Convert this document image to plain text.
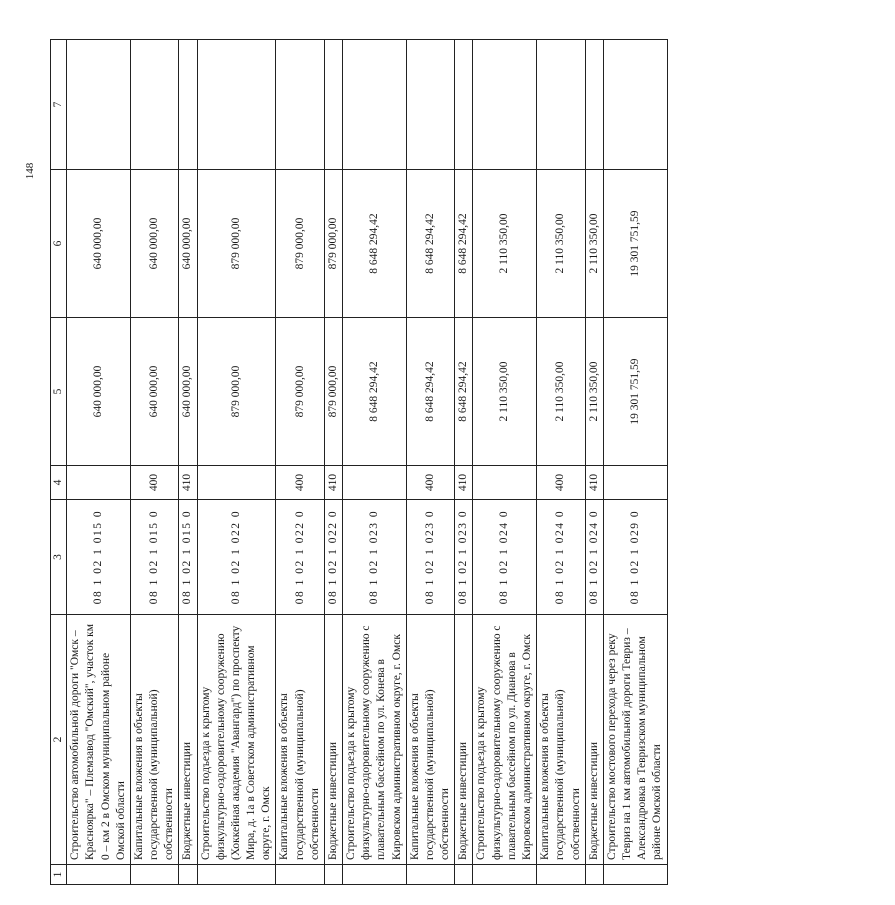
148
1	2	3	4	5	6	7
	Строительство автомобильной дороги "Омск – Красноярка" – Племзавод "Омский", участок км 0 – км 2 в Омском муниципальном районе Омской области	08 1 02 1 015 0		640 000,00	640 000,00	
	Капитальные вложения в объекты государственной (муниципальной) собственности	08 1 02 1 015 0	400	640 000,00	640 000,00	
	Бюджетные инвестиции	08 1 02 1 015 0	410	640 000,00	640 000,00	
	Строительство подъезда к крытому физкультурно-оздоровительному сооружению (Хоккейная академия "Авангард") по проспекту Мира, д. 1а в Советском административном округе, г. Омск	08 1 02 1 022 0		879 000,00	879 000,00	
	Капитальные вложения в объекты государственной (муниципальной) собственности	08 1 02 1 022 0	400	879 000,00	879 000,00	
	Бюджетные инвестиции	08 1 02 1 022 0	410	879 000,00	879 000,00	
	Строительство подъезда к крытому физкультурно-оздоровительному сооружению с плавательным бассейном по ул. Конева в Кировском административном округе, г. Омск	08 1 02 1 023 0		8 648 294,42	8 648 294,42	
	Капитальные вложения в объекты государственной (муниципальной) собственности	08 1 02 1 023 0	400	8 648 294,42	8 648 294,42	
	Бюджетные инвестиции	08 1 02 1 023 0	410	8 648 294,42	8 648 294,42	
	Строительство подъезда к крытому физкультурно-оздоровительному сооружению с плавательным бассейном по ул. Дианова в Кировском административном округе, г. Омск	08 1 02 1 024 0		2 110 350,00	2 110 350,00	
	Капитальные вложения в объекты государственной (муниципальной) собственности	08 1 02 1 024 0	400	2 110 350,00	2 110 350,00	
	Бюджетные инвестиции	08 1 02 1 024 0	410	2 110 350,00	2 110 350,00	
	Строительство мостового перехода через реку Тевриз на 1 км автомобильной дороги Тевриз – Александровка в Тевризском муниципальном районе Омской области	08 1 02 1 029 0		19 301 751,59	19 301 751,59	
